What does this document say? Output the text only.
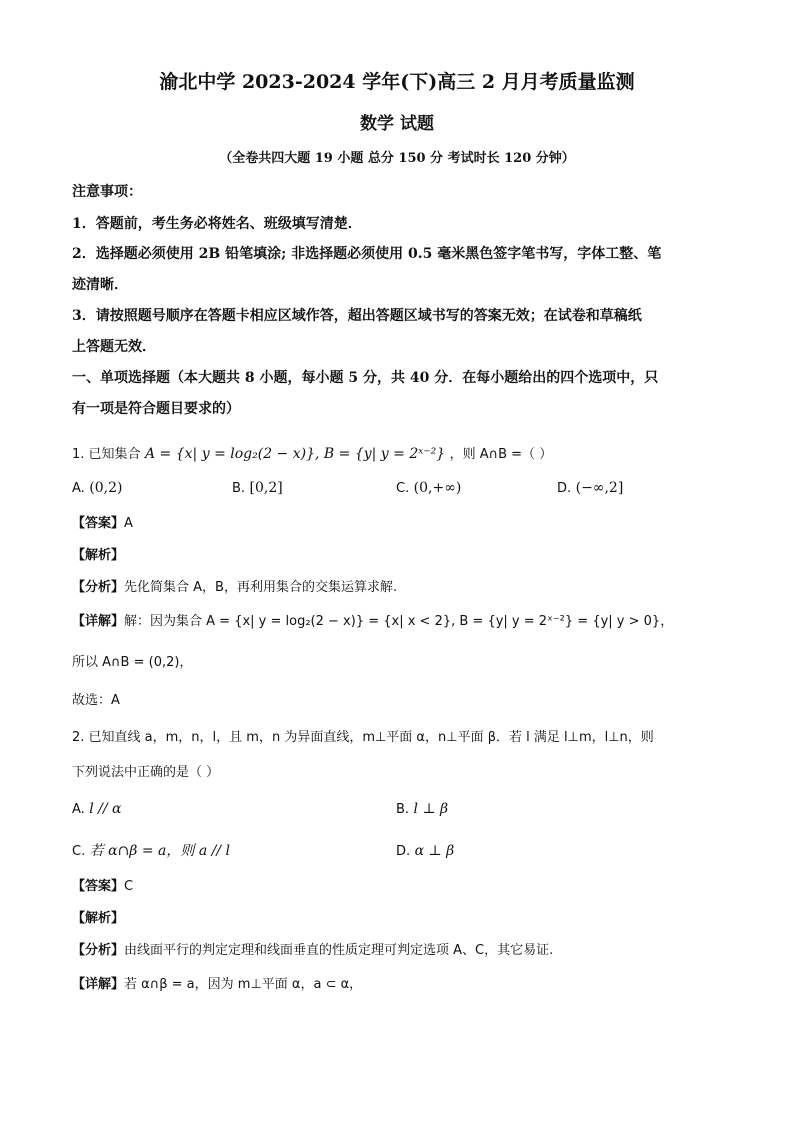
渝北中学 2023-2024 学年(下)高三 2 月月考质量监测
数学 试题
（全卷共四大题 19 小题 总分 150 分 考试时长 120 分钟）
注意事项：
1．答题前，考生务必将姓名、班级填写清楚．
2．选择题必须使用 2B 铅笔填涂; 非选择题必须使用 0.5 毫米黑色签字笔书写，字体工整、笔
迹清晰．
3．请按照题号顺序在答题卡相应区域作答，超出答题区域书写的答案无效；在试卷和草稿纸
上答题无效．
一、单项选择题（本大题共 8 小题，每小题 5 分，共 40 分．在每小题给出的四个选项中，只
有一项是符合题目要求的）
1. 已知集合 A = {x| y = log₂(2 − x)}, B = {y| y = 2ˣ⁻²} ，则 A∩B =（ ）
A. (0,2)	B. [0,2]	C. (0,+∞)	D. (−∞,2]
【答案】A
【解析】
【分析】先化简集合 A，B，再利用集合的交集运算求解.
【详解】解：因为集合 A = {x| y = log₂(2 − x)} = {x| x < 2}, B = {y| y = 2ˣ⁻²} = {y| y > 0}，
所以 A∩B = (0,2)，
故选：A
2. 已知直线 a，m，n，l，且 m，n 为异面直线，m⊥平面 α，n⊥平面 β．若 l 满足 l⊥m，l⊥n，则
下列说法中正确的是（ ）
A. l // α	B. l ⊥ β
C. 若 α∩β = a，则 a // l	D. α ⊥ β
【答案】C
【解析】
【分析】由线面平行的判定定理和线面垂直的性质定理可判定选项 A、C，其它易证.
【详解】若 α∩β = a，因为 m⊥平面 α，a ⊂ α，
